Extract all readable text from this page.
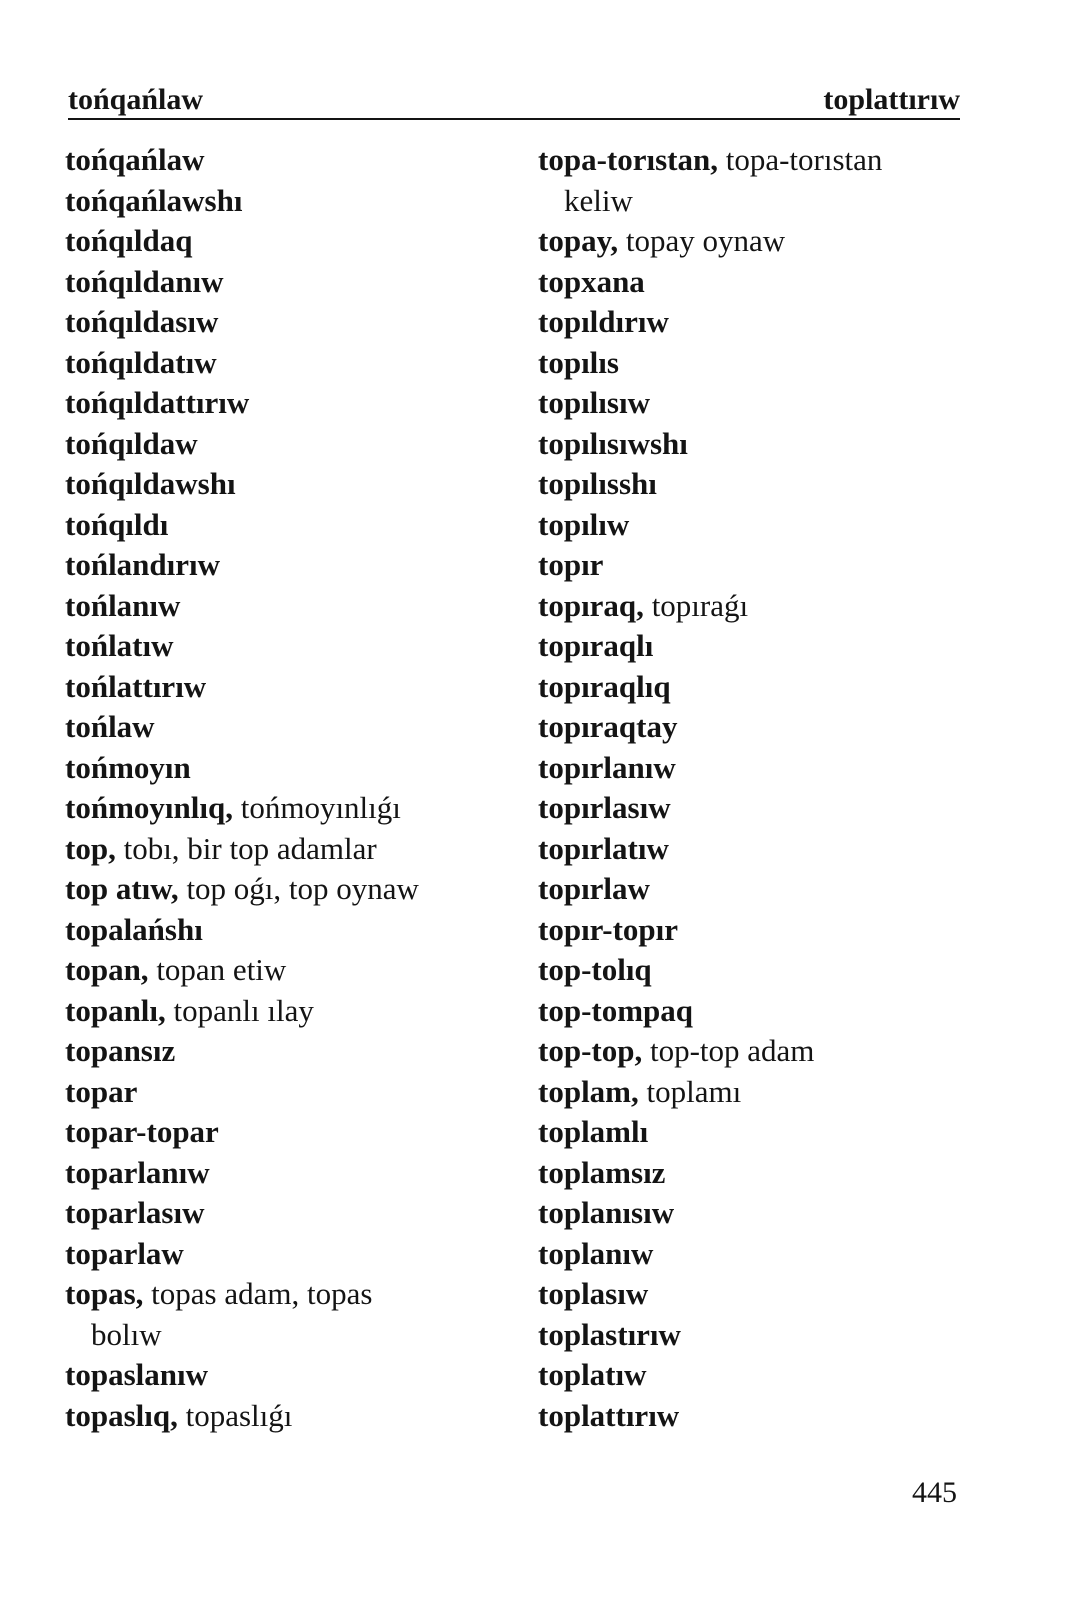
tońqańlaw	toplattırıw
tońqańlaw
tońqańlawshı
tońqıldaq
tońqıldanıw
tońqıldasıw
tońqıldatıw
tońqıldattırıw
tońqıldaw
tońqıldawshı
tońqıldı
tońlandırıw
tońlanıw
tońlatıw
tońlattırıw
tońlaw
tońmoyın
tońmoyınlıq, tońmoyınlıǵı
top, tobı, bir top adamlar
top atıw, top oǵı, top oynaw
topalańshı
topan, topan etiw
topanlı, topanlı ılay
topansız
topar
topar-topar
toparlanıw
toparlasıw
toparlaw
topas, topas adam, topas
bolıw
topaslanıw
topaslıq, topaslıǵı
topa-torıstan, topa-torıstan
keliw
topay, topay oynaw
topxana
topıldırıw
topılıs
topılısıw
topılısıwshı
topılısshı
topılıw
topır
topıraq, topıraǵı
topıraqlı
topıraqlıq
topıraqtay
topırlanıw
topırlasıw
topırlatıw
topırlaw
topır-topır
top-tolıq
top-tompaq
top-top, top-top adam
toplam, toplamı
toplamlı
toplamsız
toplanısıw
toplanıw
toplasıw
toplastırıw
toplatıw
toplattırıw
445
